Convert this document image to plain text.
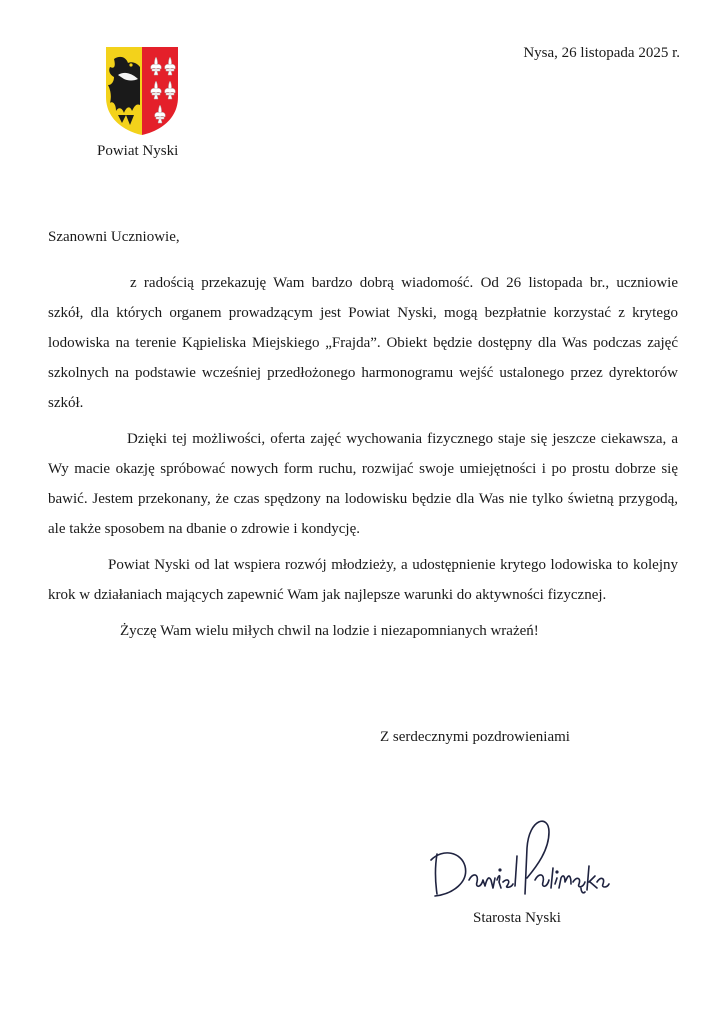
Powiat Nyski
Nysa, 26 listopada 2025 r.
Szanowni Uczniowie,

z radością przekazuję Wam bardzo dobrą wiadomość. Od 26 listopada br., uczniowie szkół, dla których organem prowadzącym jest Powiat Nyski, mogą bezpłatnie korzystać z krytego lodowiska na terenie Kąpieliska Miejskiego „Frajda”. Obiekt będzie dostępny dla Was podczas zajęć szkolnych na podstawie wcześniej przedłożonego harmonogramu wejść ustalonego przez dyrektorów szkół.

Dzięki tej możliwości, oferta zajęć wychowania fizycznego staje się jeszcze ciekawsza, a Wy macie okazję spróbować nowych form ruchu, rozwijać swoje umiejętności i po prostu dobrze się bawić. Jestem przekonany, że czas spędzony na lodowisku będzie dla Was nie tylko świetną przygodą, ale także sposobem na dbanie o zdrowie i kondycję.

Powiat Nyski od lat wspiera rozwój młodzieży, a udostępnienie krytego lodowiska to kolejny krok w działaniach mających zapewnić Wam jak najlepsze warunki do aktywności fizycznej.

Życzę Wam wielu miłych chwil na lodzie i niezapomnianych wrażeń!

Z serdecznymi pozdrowieniami
Starosta Nyski
